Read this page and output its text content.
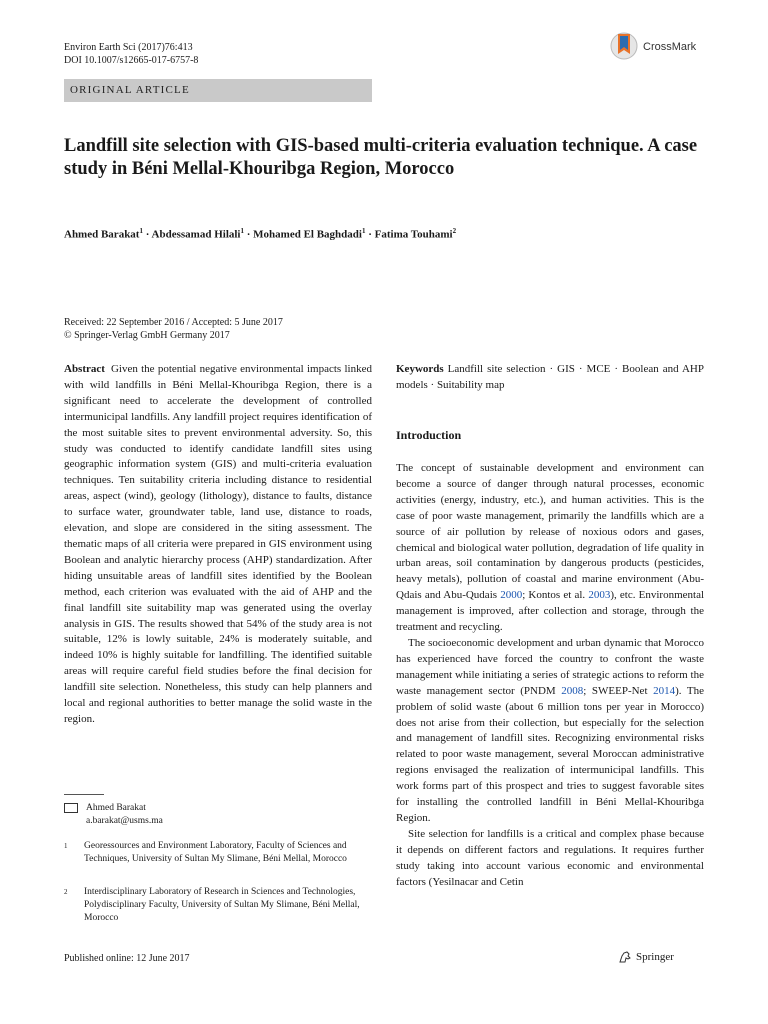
Environ Earth Sci (2017)76:413
DOI 10.1007/s12665-017-6757-8
CrossMark
ORIGINAL ARTICLE
Landfill site selection with GIS-based multi-criteria evaluation technique. A case study in Béni Mellal-Khouribga Region, Morocco
Ahmed Barakat$^1$ · Abdessamad Hilali$^1$ · Mohamed El Baghdadi$^1$ · Fatima Touhami$^2$
Received: 22 September 2016 / Accepted: 5 June 2017
© Springer-Verlag GmbH Germany 2017
Abstract Given the potential negative environmental impacts linked with wild landfills in Béni Mellal-Khouribga Region, there is a significant need to accelerate the development of controlled intermunicipal landfills. Any landfill project requires identification of the most suitable sites to prevent environmental adversity. So, this study was conducted to identify candidate landfill sites using geographic information system (GIS) and multi-criteria evaluation techniques. Ten suitability criteria including distance to residential areas, aspect (wind), geology (lithology), distance to faults, distance to surface water, groundwater table, land use, distance to roads, elevation, and slope are considered in the siting assessment. The thematic maps of all criteria were prepared in GIS environment using Boolean and analytic hierarchy process (AHP) standardization. After hiding unsuitable areas of landfill sites identified by the Boolean method, each criterion was evaluated with the aid of AHP and the final landfill site suitability map was generated using the overlay analysis in GIS. The results showed that 54% of the study area is not suitable, 12% is lowly suitable, 24% is moderately suitable, and indeed 10% is highly suitable for landfilling. The identified suitable areas will require careful field studies before the final decision for landfill site selection. Nonetheless, this study can help planners and local and regional authorities to better manage the solid waste in the region.
Keywords Landfill site selection · GIS · MCE · Boolean and AHP models · Suitability map
Introduction

The concept of sustainable development and environment can become a source of danger through natural processes, economic activities (energy, industry, etc.), and human activities. This is the case of poor waste management, primarily the landfills which are a source of air pollution by release of noxious odors and gases, chemical and biological water pollution, degradation of life quality in urban areas, soil contamination by dangerous products (pesticides, heavy metals), pollution of coastal and marine environment (Abu-Qdais and Abu-Qudais 2000; Kontos et al. 2003), etc. Environmental management is improved, after collection and storage, through the treatment and recycling.

The socioeconomic development and urban dynamic that Morocco has experienced have forced the country to confront the waste management while initiating a series of strategic actions to reform the waste management sector (PNDM 2008; SWEEP-Net 2014). The problem of solid waste (about 6 million tons per year in Morocco) does not arise from their collection, but especially for the selection and management of landfill sites. Recognizing environmental risks related to poor waste management, several Moroccan administrative regions envisaged the realization of intermunicipal landfills. This work forms part of this prospect and tries to suggest favorable sites for installing the controlled landfill in Béni Mellal-Khouribga Region.

Site selection for landfills is a critical and complex phase because it depends on different factors and regulations. It requires further study taking into account various economic and environmental factors (Yesilnacar and Cetin

Ahmed Barakat
a.barakat@usms.ma
1	Georessources and Environment Laboratory, Faculty of Sciences and Techniques, University of Sultan My Slimane, Béni Mellal, Morocco
2	Interdisciplinary Laboratory of Research in Sciences and Technologies, Polydisciplinary Faculty, University of Sultan My Slimane, Béni Mellal, Morocco
Published online: 12 June 2017	Springer
